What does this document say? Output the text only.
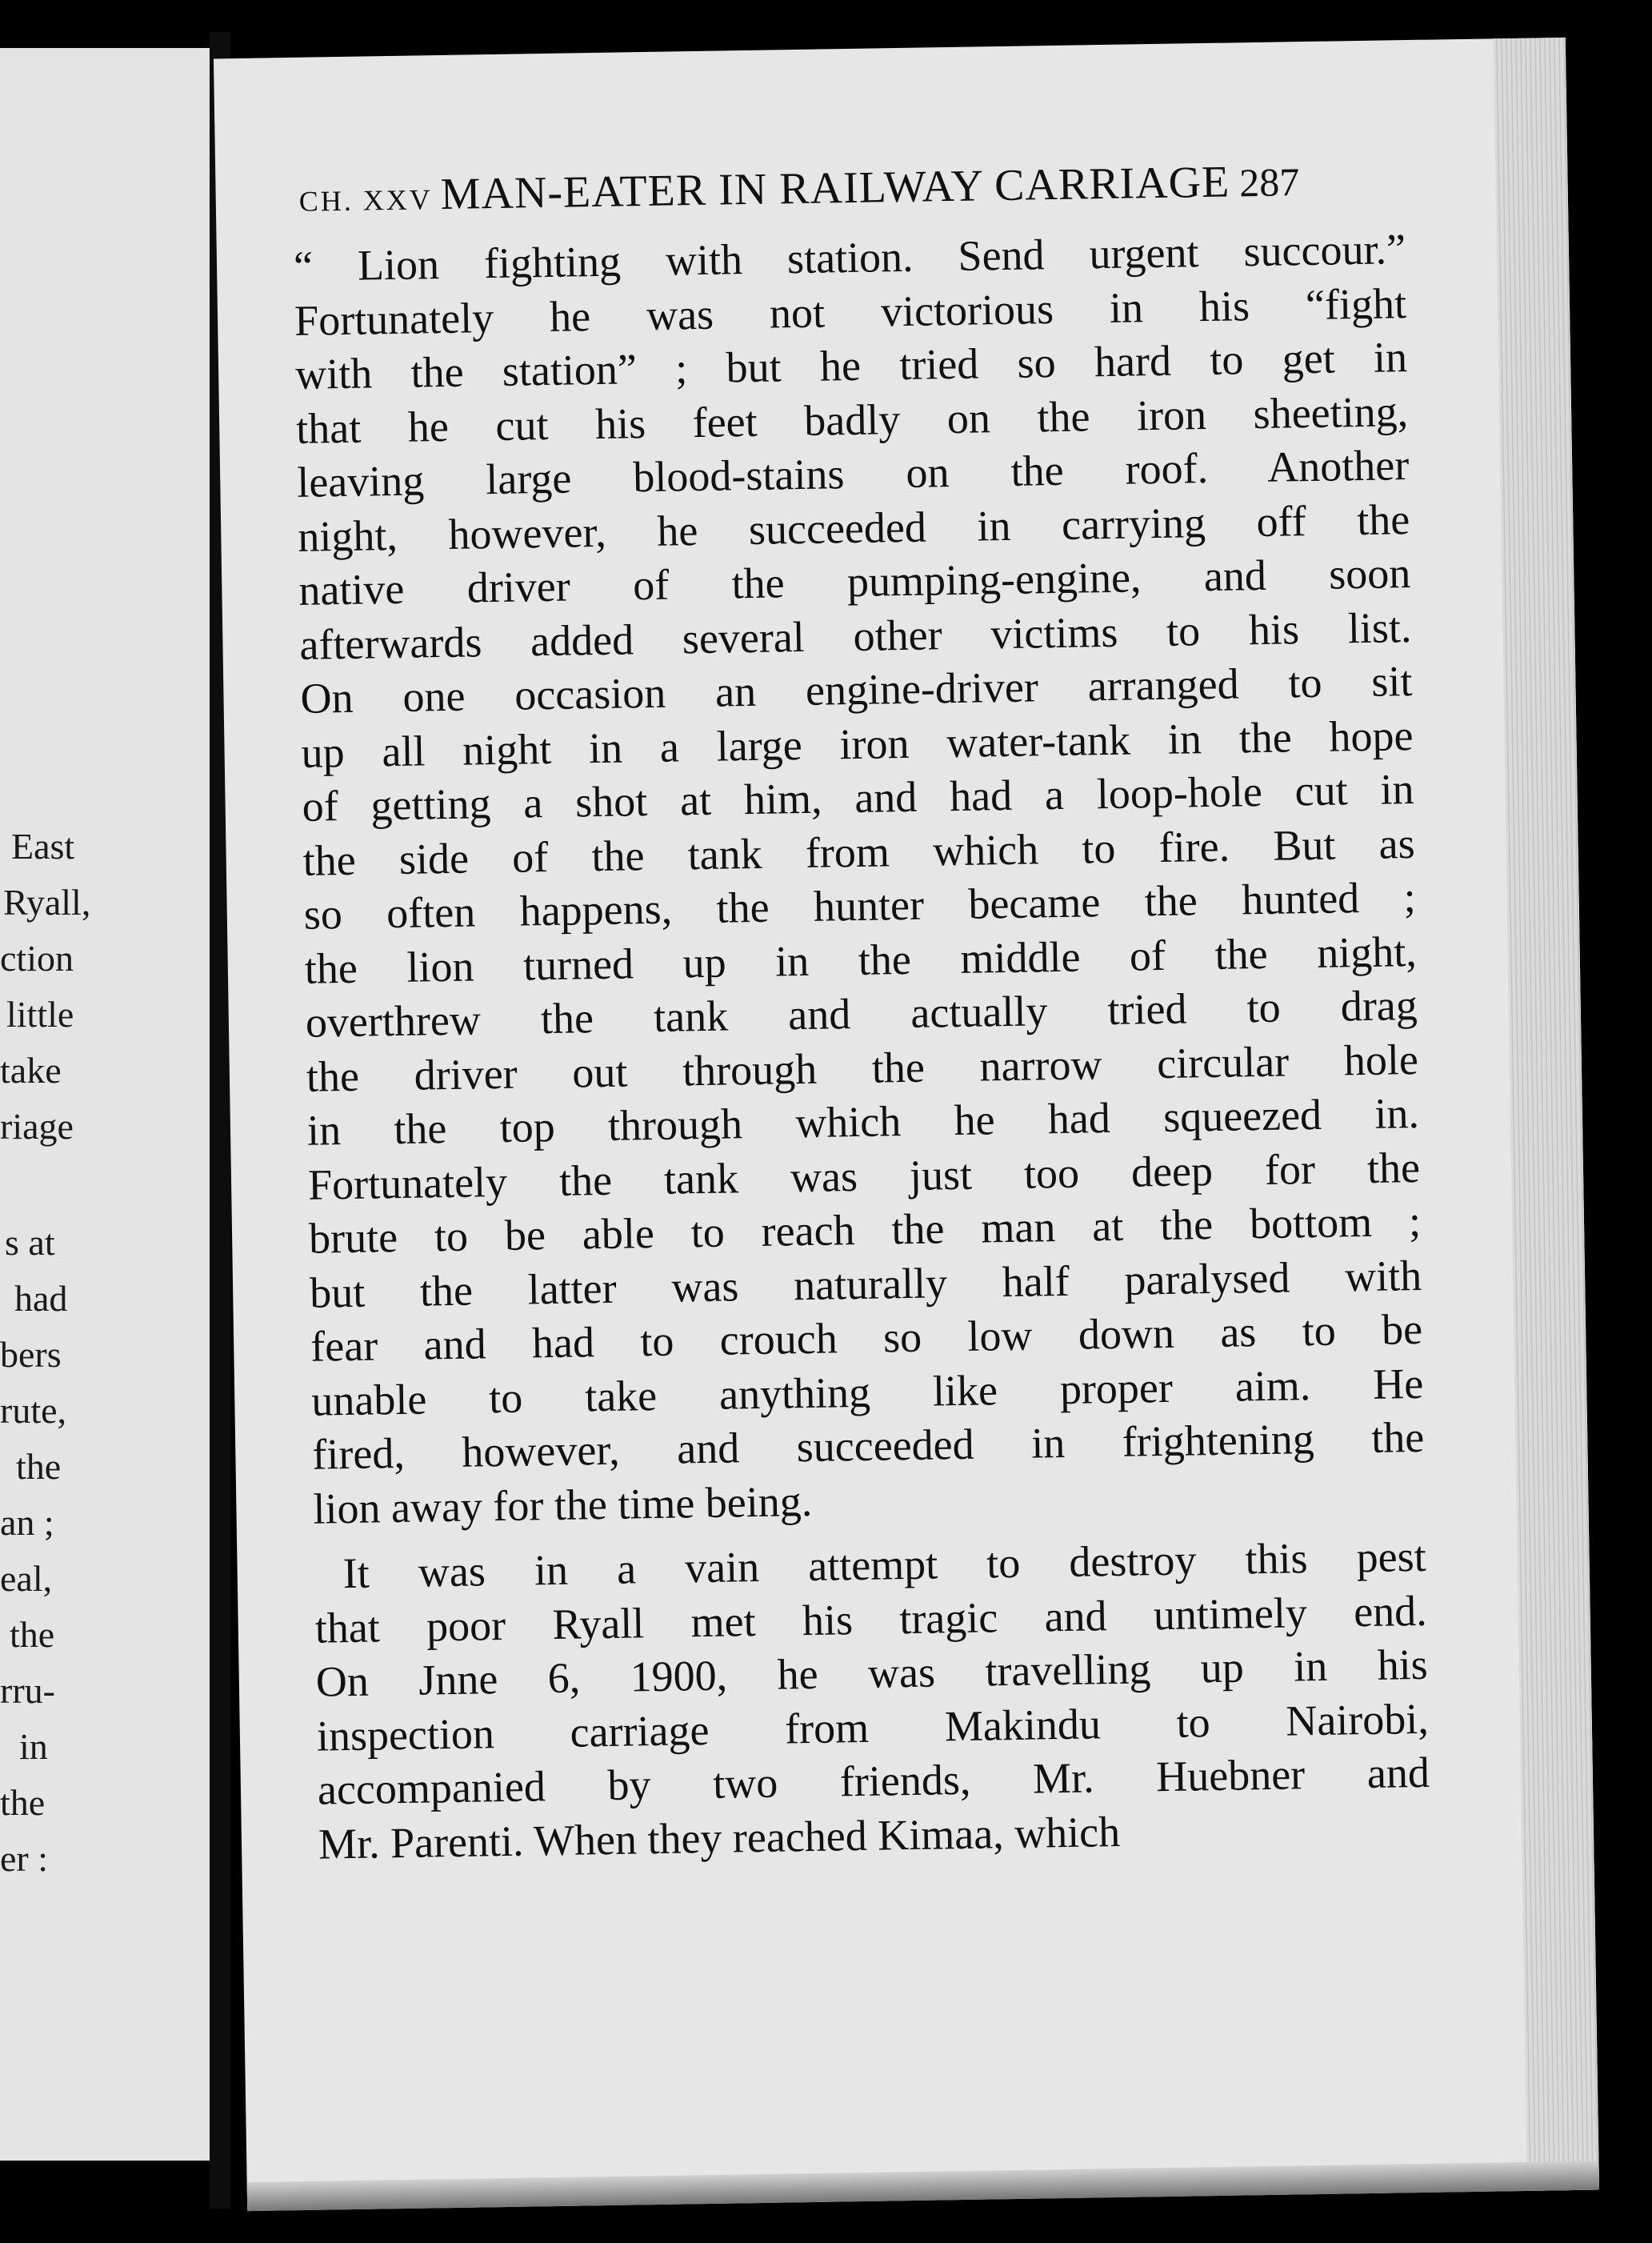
East
Ryall,
ction
little
take
riage
s at
had
bers
rute,
the
an ;
eal,
the
rru-
in
the
er :
CH. XXV MAN-EATER IN RAILWAY CARRIAGE 287
“ Lion fighting with station. Send urgent succour.”
Fortunately he was not victorious in his “fight
with the station” ; but he tried so hard to get in
that he cut his feet badly on the iron sheeting,
leaving large blood-stains on the roof. Another
night, however, he succeeded in carrying off the
native driver of the pumping-engine, and soon
afterwards added several other victims to his list.
On one occasion an engine-driver arranged to sit
up all night in a large iron water-tank in the hope
of getting a shot at him, and had a loop-hole cut in
the side of the tank from which to fire. But as
so often happens, the hunter became the hunted ;
the lion turned up in the middle of the night,
overthrew the tank and actually tried to drag
the driver out through the narrow circular hole
in the top through which he had squeezed in.
Fortunately the tank was just too deep for the
brute to be able to reach the man at the bottom ;
but the latter was naturally half paralysed with
fear and had to crouch so low down as to be
unable to take anything like proper aim. He
fired, however, and succeeded in frightening the
lion away for the time being.
It was in a vain attempt to destroy this pest
that poor Ryall met his tragic and untimely end.
On Jnne 6, 1900, he was travelling up in his
inspection carriage from Makindu to Nairobi,
accompanied by two friends, Mr. Huebner and
Mr. Parenti. When they reached Kimaa, which
